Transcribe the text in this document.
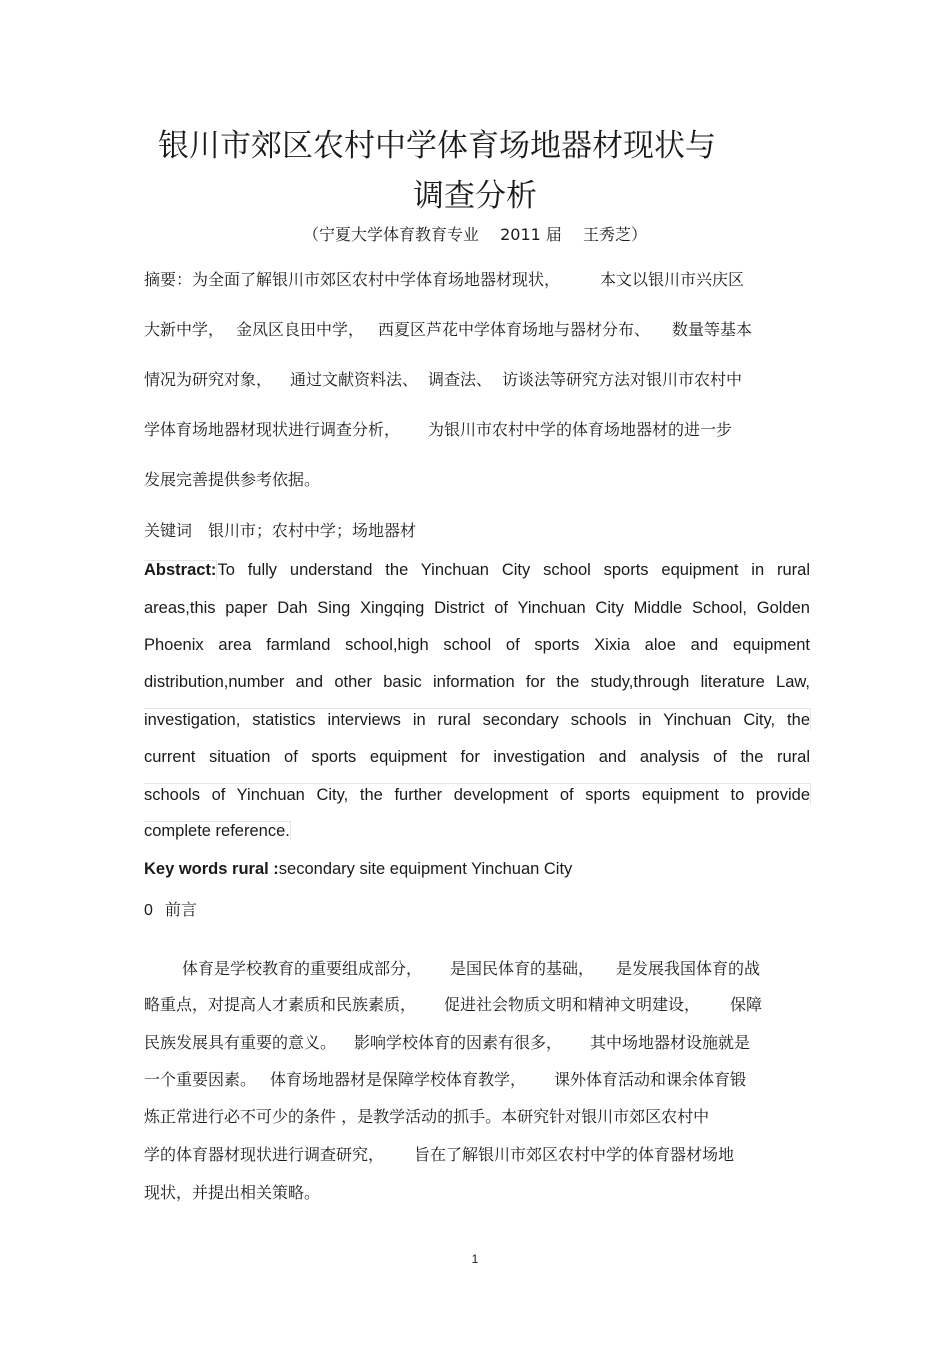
银川市郊区农村中学体育场地器材现状与
调查分析
（宁夏大学体育教育专业 2011 届 王秀芝）
摘要：为全面了解银川市郊区农村中学体育场地器材现状，	本文以银川市兴庆区
大新中学， 金凤区良田中学， 西夏区芦花中学体育场地与器材分布、 数量等基本
情况为研究对象， 通过文献资料法、 调查法、 访谈法等研究方法对银川市农村中
学体育场地器材现状进行调查分析， 为银川市农村中学的体育场地器材的进一步
发展完善提供参考依据。
关键词 银川市；农村中学；场地器材
Abstract:To fully understand the Yinchuan City school sports equipment in rural
areas,this paper Dah Sing Xingqing District of Yinchuan City Middle School, Golden
Phoenix area farmland school,high school of sports Xixia aloe and equipment
distribution,number and other basic information for the study,through literature Law,
investigation, statistics interviews in rural secondary schools in Yinchuan City, the
current situation of sports equipment for investigation and analysis of the rural
schools of Yinchuan City, the further development of sports equipment to provide
complete reference.
Key words rural :secondary site equipment Yinchuan City
0 前言
体育是学校教育的重要组成部分， 是国民体育的基础， 是发展我国体育的战
略重点，对提高人才素质和民族素质， 促进社会物质文明和精神文明建设， 保障
民族发展具有重要的意义。 影响学校体育的因素有很多， 其中场地器材设施就是
一个重要因素。 体育场地器材是保障学校体育教学， 课外体育活动和课余体育锻
炼正常进行必不可少的条件 ，是教学活动的抓手。本研究针对银川市郊区农村中
学的体育器材现状进行调查研究， 旨在了解银川市郊区农村中学的体育器材场地
现状，并提出相关策略。
1
